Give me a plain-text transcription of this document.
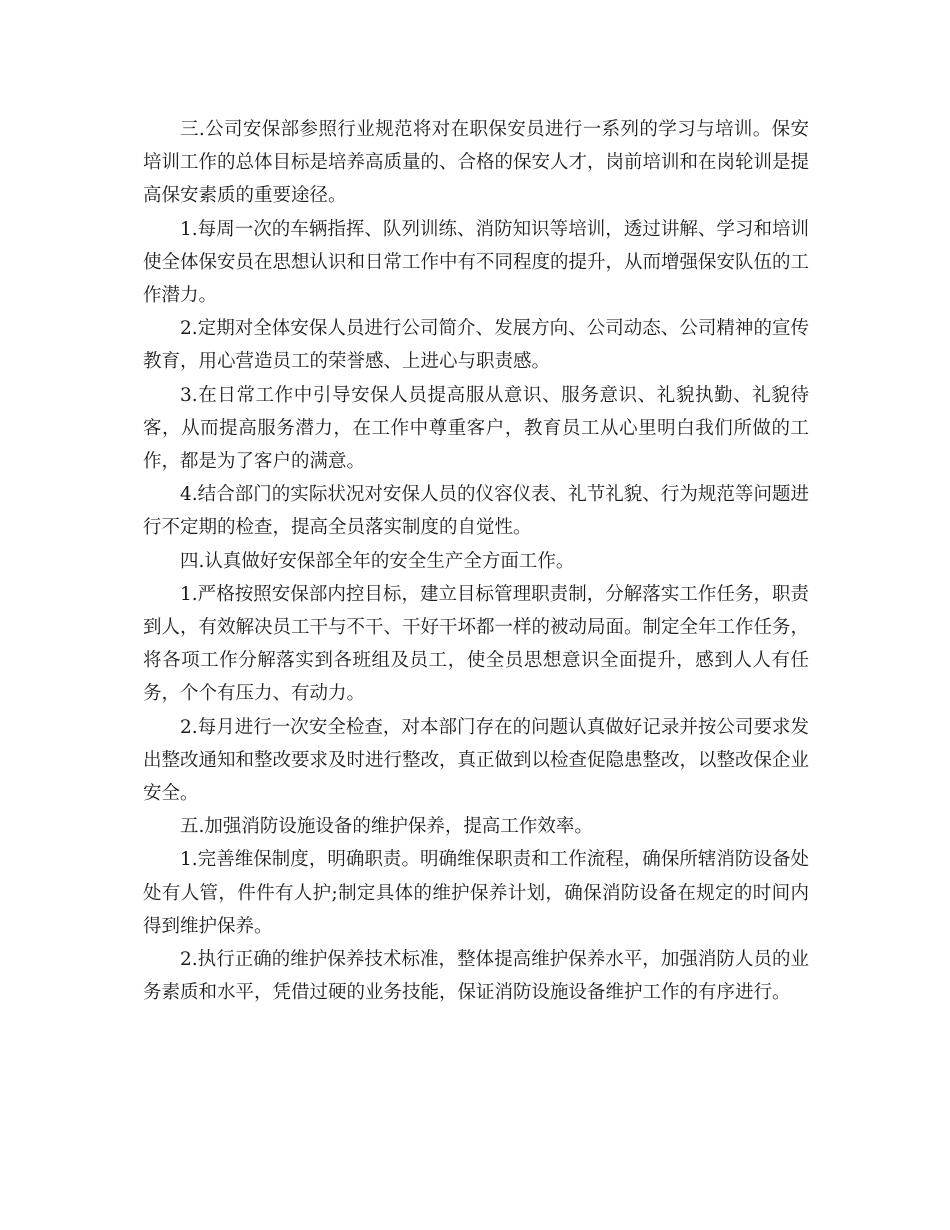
三.公司安保部参照行业规范将对在职保安员进行一系列的学习与培训。保安培训工作的总体目标是培养高质量的、合格的保安人才，岗前培训和在岗轮训是提高保安素质的重要途径。

1.每周一次的车辆指挥、队列训练、消防知识等培训，透过讲解、学习和培训使全体保安员在思想认识和日常工作中有不同程度的提升，从而增强保安队伍的工作潜力。

2.定期对全体安保人员进行公司简介、发展方向、公司动态、公司精神的宣传教育，用心营造员工的荣誉感、上进心与职责感。

3.在日常工作中引导安保人员提高服从意识、服务意识、礼貌执勤、礼貌待客，从而提高服务潜力，在工作中尊重客户，教育员工从心里明白我们所做的工作，都是为了客户的满意。

4.结合部门的实际状况对安保人员的仪容仪表、礼节礼貌、行为规范等问题进行不定期的检查，提高全员落实制度的自觉性。

四.认真做好安保部全年的安全生产全方面工作。

1.严格按照安保部内控目标，建立目标管理职责制，分解落实工作任务，职责到人，有效解决员工干与不干、干好干坏都一样的被动局面。制定全年工作任务，将各项工作分解落实到各班组及员工，使全员思想意识全面提升，感到人人有任务，个个有压力、有动力。

2.每月进行一次安全检查，对本部门存在的问题认真做好记录并按公司要求发出整改通知和整改要求及时进行整改，真正做到以检查促隐患整改，以整改保企业安全。

五.加强消防设施设备的维护保养，提高工作效率。

1.完善维保制度，明确职责。明确维保职责和工作流程，确保所辖消防设备处处有人管，件件有人护;制定具体的维护保养计划，确保消防设备在规定的时间内得到维护保养。

2.执行正确的维护保养技术标准，整体提高维护保养水平，加强消防人员的业务素质和水平，凭借过硬的业务技能，保证消防设施设备维护工作的有序进行。
